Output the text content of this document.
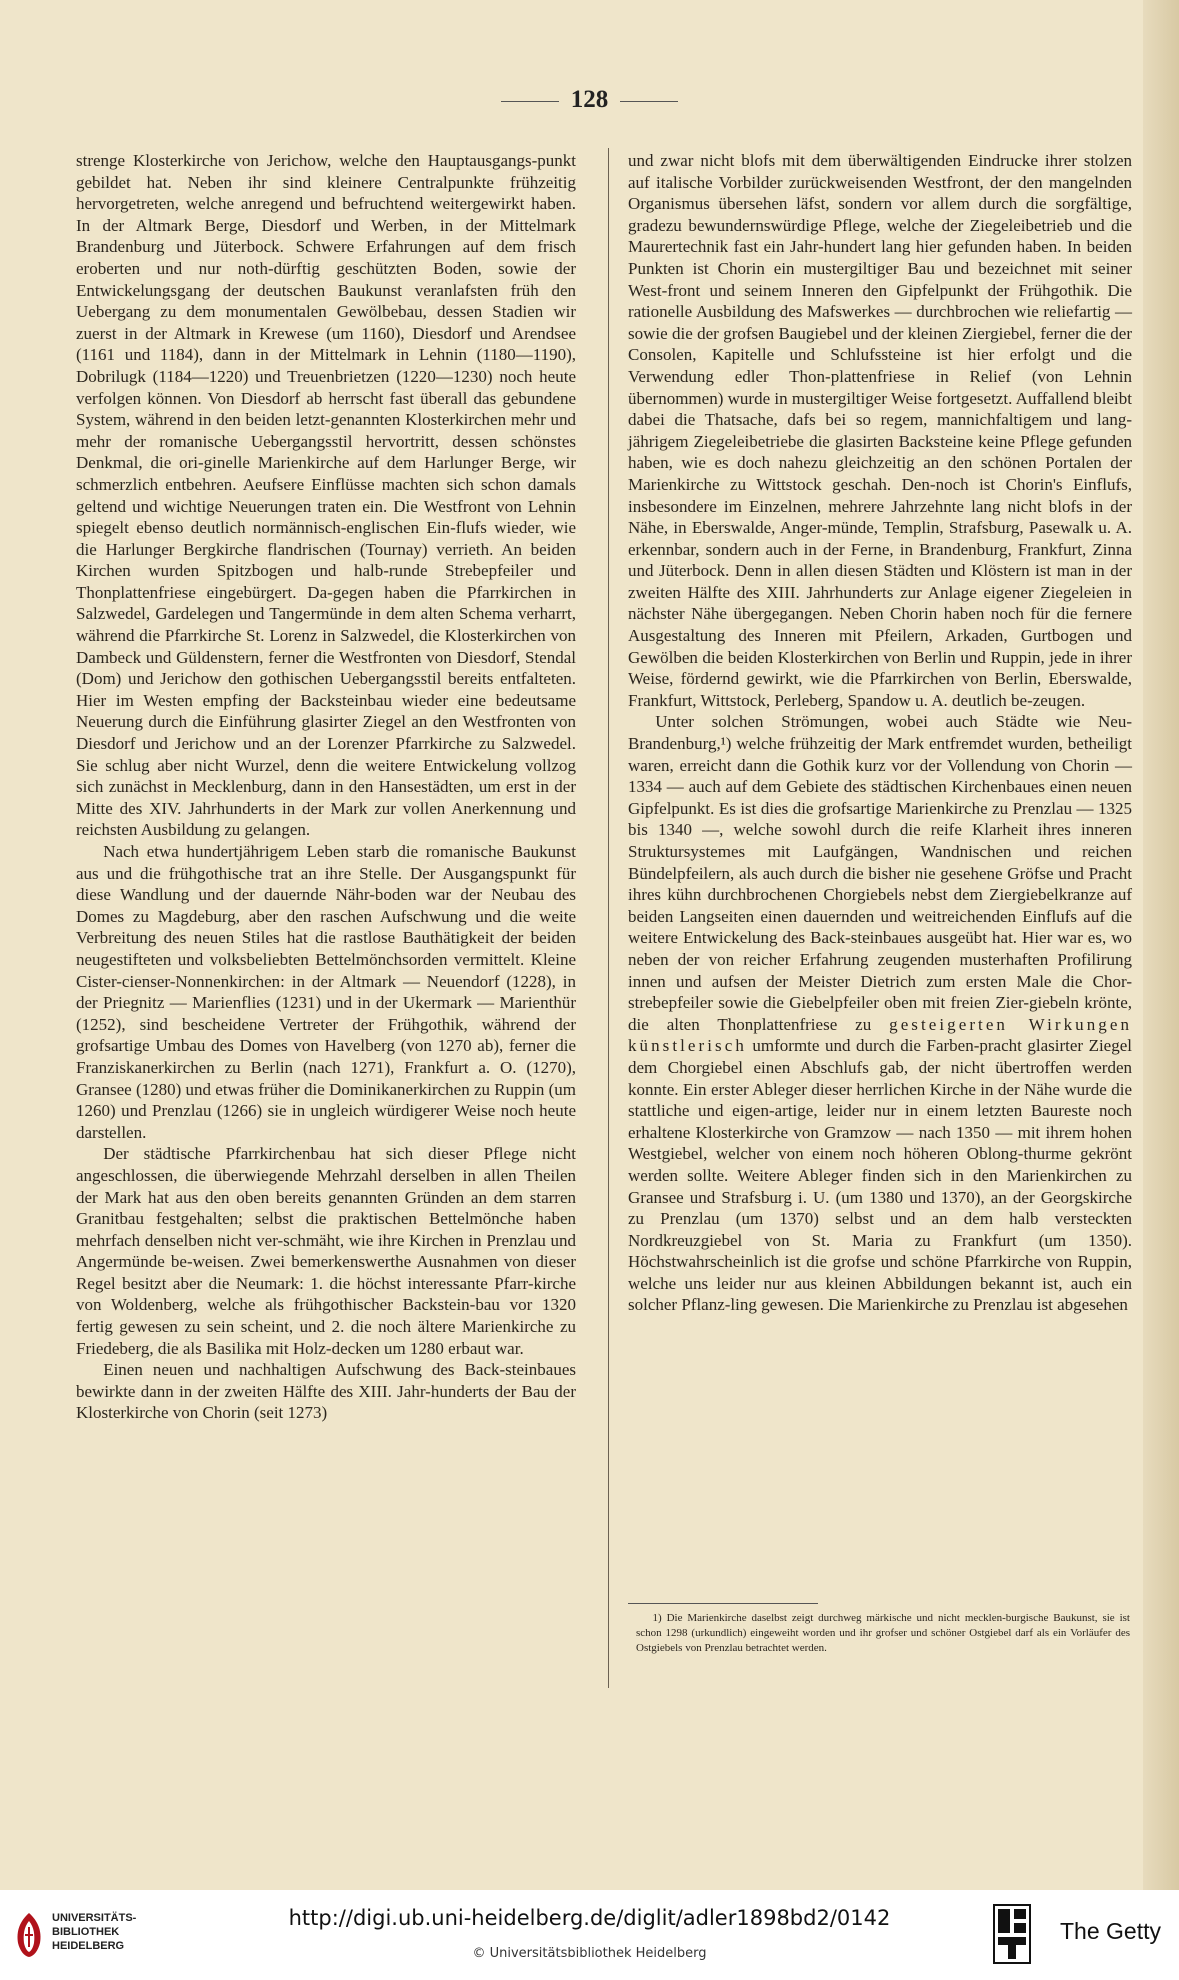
128

strenge Klosterkirche von Jerichow, welche den Hauptausgangs-punkt gebildet hat. Neben ihr sind kleinere Centralpunkte frühzeitig hervorgetreten, welche anregend und befruchtend weitergewirkt haben. In der Altmark Berge, Diesdorf und Werben, in der Mittelmark Brandenburg und Jüterbock. Schwere Erfahrungen auf dem frisch eroberten und nur noth-dürftig geschützten Boden, sowie der Entwickelungsgang der deutschen Baukunst veranlafsten früh den Uebergang zu dem monumentalen Gewölbebau, dessen Stadien wir zuerst in der Altmark in Krewese (um 1160), Diesdorf und Arendsee (1161 und 1184), dann in der Mittelmark in Lehnin (1180—1190), Dobrilugk (1184—1220) und Treuenbrietzen (1220—1230) noch heute verfolgen können. Von Diesdorf ab herrscht fast überall das gebundene System, während in den beiden letzt-genannten Klosterkirchen mehr und mehr der romanische Uebergangsstil hervortritt, dessen schönstes Denkmal, die ori-ginelle Marienkirche auf dem Harlunger Berge, wir schmerzlich entbehren. Aeufsere Einflüsse machten sich schon damals geltend und wichtige Neuerungen traten ein. Die Westfront von Lehnin spiegelt ebenso deutlich normännisch-englischen Ein-flufs wieder, wie die Harlunger Bergkirche flandrischen (Tournay) verrieth. An beiden Kirchen wurden Spitzbogen und halb-runde Strebepfeiler und Thonplattenfriese eingebürgert. Da-gegen haben die Pfarrkirchen in Salzwedel, Gardelegen und Tangermünde in dem alten Schema verharrt, während die Pfarrkirche St. Lorenz in Salzwedel, die Klosterkirchen von Dambeck und Güldenstern, ferner die Westfronten von Diesdorf, Stendal (Dom) und Jerichow den gothischen Uebergangsstil bereits entfalteten. Hier im Westen empfing der Backsteinbau wieder eine bedeutsame Neuerung durch die Einführung glasirter Ziegel an den Westfronten von Diesdorf und Jerichow und an der Lorenzer Pfarrkirche zu Salzwedel. Sie schlug aber nicht Wurzel, denn die weitere Entwickelung vollzog sich zunächst in Mecklenburg, dann in den Hansestädten, um erst in der Mitte des XIV. Jahrhunderts in der Mark zur vollen Anerkennung und reichsten Ausbildung zu gelangen.

Nach etwa hundertjährigem Leben starb die romanische Baukunst aus und die frühgothische trat an ihre Stelle. Der Ausgangspunkt für diese Wandlung und der dauernde Nähr-boden war der Neubau des Domes zu Magdeburg, aber den raschen Aufschwung und die weite Verbreitung des neuen Stiles hat die rastlose Bauthätigkeit der beiden neugestifteten und volksbeliebten Bettelmönchsorden vermittelt. Kleine Cister-cienser-Nonnenkirchen: in der Altmark — Neuendorf (1228), in der Priegnitz — Marienflies (1231) und in der Ukermark — Marienthür (1252), sind bescheidene Vertreter der Frühgothik, während der grofsartige Umbau des Domes von Havelberg (von 1270 ab), ferner die Franziskanerkirchen zu Berlin (nach 1271), Frankfurt a. O. (1270), Gransee (1280) und etwas früher die Dominikanerkirchen zu Ruppin (um 1260) und Prenzlau (1266) sie in ungleich würdigerer Weise noch heute darstellen.

Der städtische Pfarrkirchenbau hat sich dieser Pflege nicht angeschlossen, die überwiegende Mehrzahl derselben in allen Theilen der Mark hat aus den oben bereits genannten Gründen an dem starren Granitbau festgehalten; selbst die praktischen Bettelmönche haben mehrfach denselben nicht ver-schmäht, wie ihre Kirchen in Prenzlau und Angermünde be-weisen. Zwei bemerkenswerthe Ausnahmen von dieser Regel besitzt aber die Neumark: 1. die höchst interessante Pfarr-kirche von Woldenberg, welche als frühgothischer Backstein-bau vor 1320 fertig gewesen zu sein scheint, und 2. die noch ältere Marienkirche zu Friedeberg, die als Basilika mit Holz-decken um 1280 erbaut war.

Einen neuen und nachhaltigen Aufschwung des Back-steinbaues bewirkte dann in der zweiten Hälfte des XIII. Jahr-hunderts der Bau der Klosterkirche von Chorin (seit 1273)

und zwar nicht blofs mit dem überwältigenden Eindrucke ihrer stolzen auf italische Vorbilder zurückweisenden Westfront, der den mangelnden Organismus übersehen läfst, sondern vor allem durch die sorgfältige, gradezu bewundernswürdige Pflege, welche der Ziegeleibetrieb und die Maurertechnik fast ein Jahr-hundert lang hier gefunden haben. In beiden Punkten ist Chorin ein mustergiltiger Bau und bezeichnet mit seiner West-front und seinem Inneren den Gipfelpunkt der Frühgothik. Die rationelle Ausbildung des Mafswerkes — durchbrochen wie reliefartig — sowie die der grofsen Baugiebel und der kleinen Ziergiebel, ferner die der Consolen, Kapitelle und Schlufssteine ist hier erfolgt und die Verwendung edler Thon-plattenfriese in Relief (von Lehnin übernommen) wurde in mustergiltiger Weise fortgesetzt. Auffallend bleibt dabei die Thatsache, dafs bei so regem, mannichfaltigem und lang-jährigem Ziegeleibetriebe die glasirten Backsteine keine Pflege gefunden haben, wie es doch nahezu gleichzeitig an den schönen Portalen der Marienkirche zu Wittstock geschah. Den-noch ist Chorin's Einflufs, insbesondere im Einzelnen, mehrere Jahrzehnte lang nicht blofs in der Nähe, in Eberswalde, Anger-münde, Templin, Strafsburg, Pasewalk u. A. erkennbar, sondern auch in der Ferne, in Brandenburg, Frankfurt, Zinna und Jüterbock. Denn in allen diesen Städten und Klöstern ist man in der zweiten Hälfte des XIII. Jahrhunderts zur Anlage eigener Ziegeleien in nächster Nähe übergegangen. Neben Chorin haben noch für die fernere Ausgestaltung des Inneren mit Pfeilern, Arkaden, Gurtbogen und Gewölben die beiden Klosterkirchen von Berlin und Ruppin, jede in ihrer Weise, fördernd gewirkt, wie die Pfarrkirchen von Berlin, Eberswalde, Frankfurt, Wittstock, Perleberg, Spandow u. A. deutlich be-zeugen.

Unter solchen Strömungen, wobei auch Städte wie Neu-Brandenburg,¹) welche frühzeitig der Mark entfremdet wurden, betheiligt waren, erreicht dann die Gothik kurz vor der Vollendung von Chorin — 1334 — auch auf dem Gebiete des städtischen Kirchenbaues einen neuen Gipfelpunkt. Es ist dies die grofsartige Marienkirche zu Prenzlau — 1325 bis 1340 —, welche sowohl durch die reife Klarheit ihres inneren Struktursystemes mit Laufgängen, Wandnischen und reichen Bündelpfeilern, als auch durch die bisher nie gesehene Gröfse und Pracht ihres kühn durchbrochenen Chorgiebels nebst dem Ziergiebelkranze auf beiden Langseiten einen dauernden und weitreichenden Einflufs auf die weitere Entwickelung des Back-steinbaues ausgeübt hat. Hier war es, wo neben der von reicher Erfahrung zeugenden musterhaften Profilirung innen und aufsen der Meister Dietrich zum ersten Male die Chor-strebepfeiler sowie die Giebelpfeiler oben mit freien Zier-giebeln krönte, die alten Thonplattenfriese zu gesteigerten Wirkungen künstlerisch umformte und durch die Farben-pracht glasirter Ziegel dem Chorgiebel einen Abschlufs gab, der nicht übertroffen werden konnte. Ein erster Ableger dieser herrlichen Kirche in der Nähe wurde die stattliche und eigen-artige, leider nur in einem letzten Baureste noch erhaltene Klosterkirche von Gramzow — nach 1350 — mit ihrem hohen Westgiebel, welcher von einem noch höheren Oblong-thurme gekrönt werden sollte. Weitere Ableger finden sich in den Marienkirchen zu Gransee und Strafsburg i. U. (um 1380 und 1370), an der Georgskirche zu Prenzlau (um 1370) selbst und an dem halb versteckten Nordkreuzgiebel von St. Maria zu Frankfurt (um 1350). Höchstwahrscheinlich ist die grofse und schöne Pfarrkirche von Ruppin, welche uns leider nur aus kleinen Abbildungen bekannt ist, auch ein solcher Pflanz-ling gewesen. Die Marienkirche zu Prenzlau ist abgesehen

1) Die Marienkirche daselbst zeigt durchweg märkische und nicht mecklen-burgische Baukunst, sie ist schon 1298 (urkundlich) eingeweiht worden und ihr grofser und schöner Ostgiebel darf als ein Vorläufer des Ostgiebels von Prenzlau betrachtet werden.
UNIVERSITÄTS-
BIBLIOTHEK
HEIDELBERG
http://digi.ub.uni-heidelberg.de/diglit/adler1898bd2/0142
© Universitätsbibliothek Heidelberg
The Getty
